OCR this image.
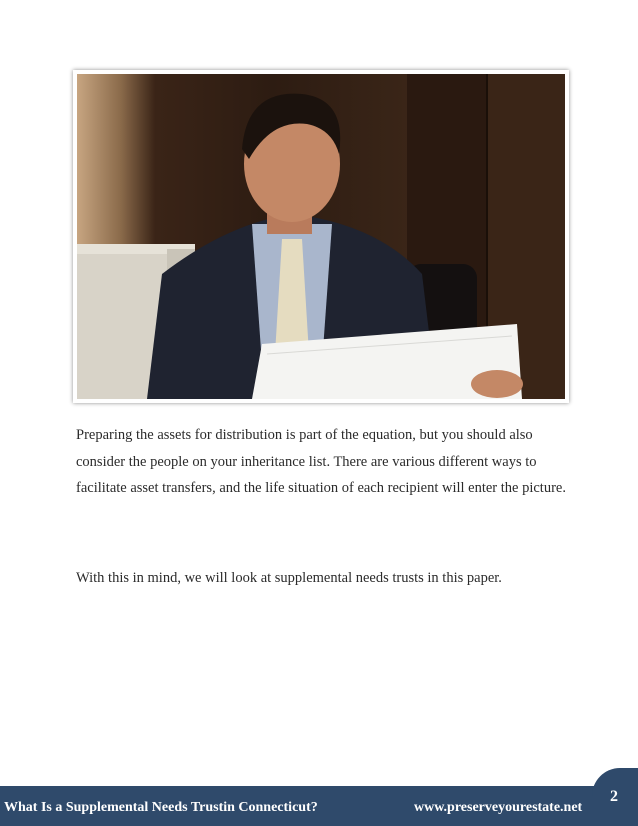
Preparing the assets for distribution is part of the equation, but you should also consider the people on your inheritance list. There are various different ways to facilitate asset transfers, and the life situation of each recipient will enter the picture.

With this in mind, we will look at supplemental needs trusts in this paper.

What Is a Supplemental Needs Trustin Connecticut?	www.preserveyourestate.net
2
